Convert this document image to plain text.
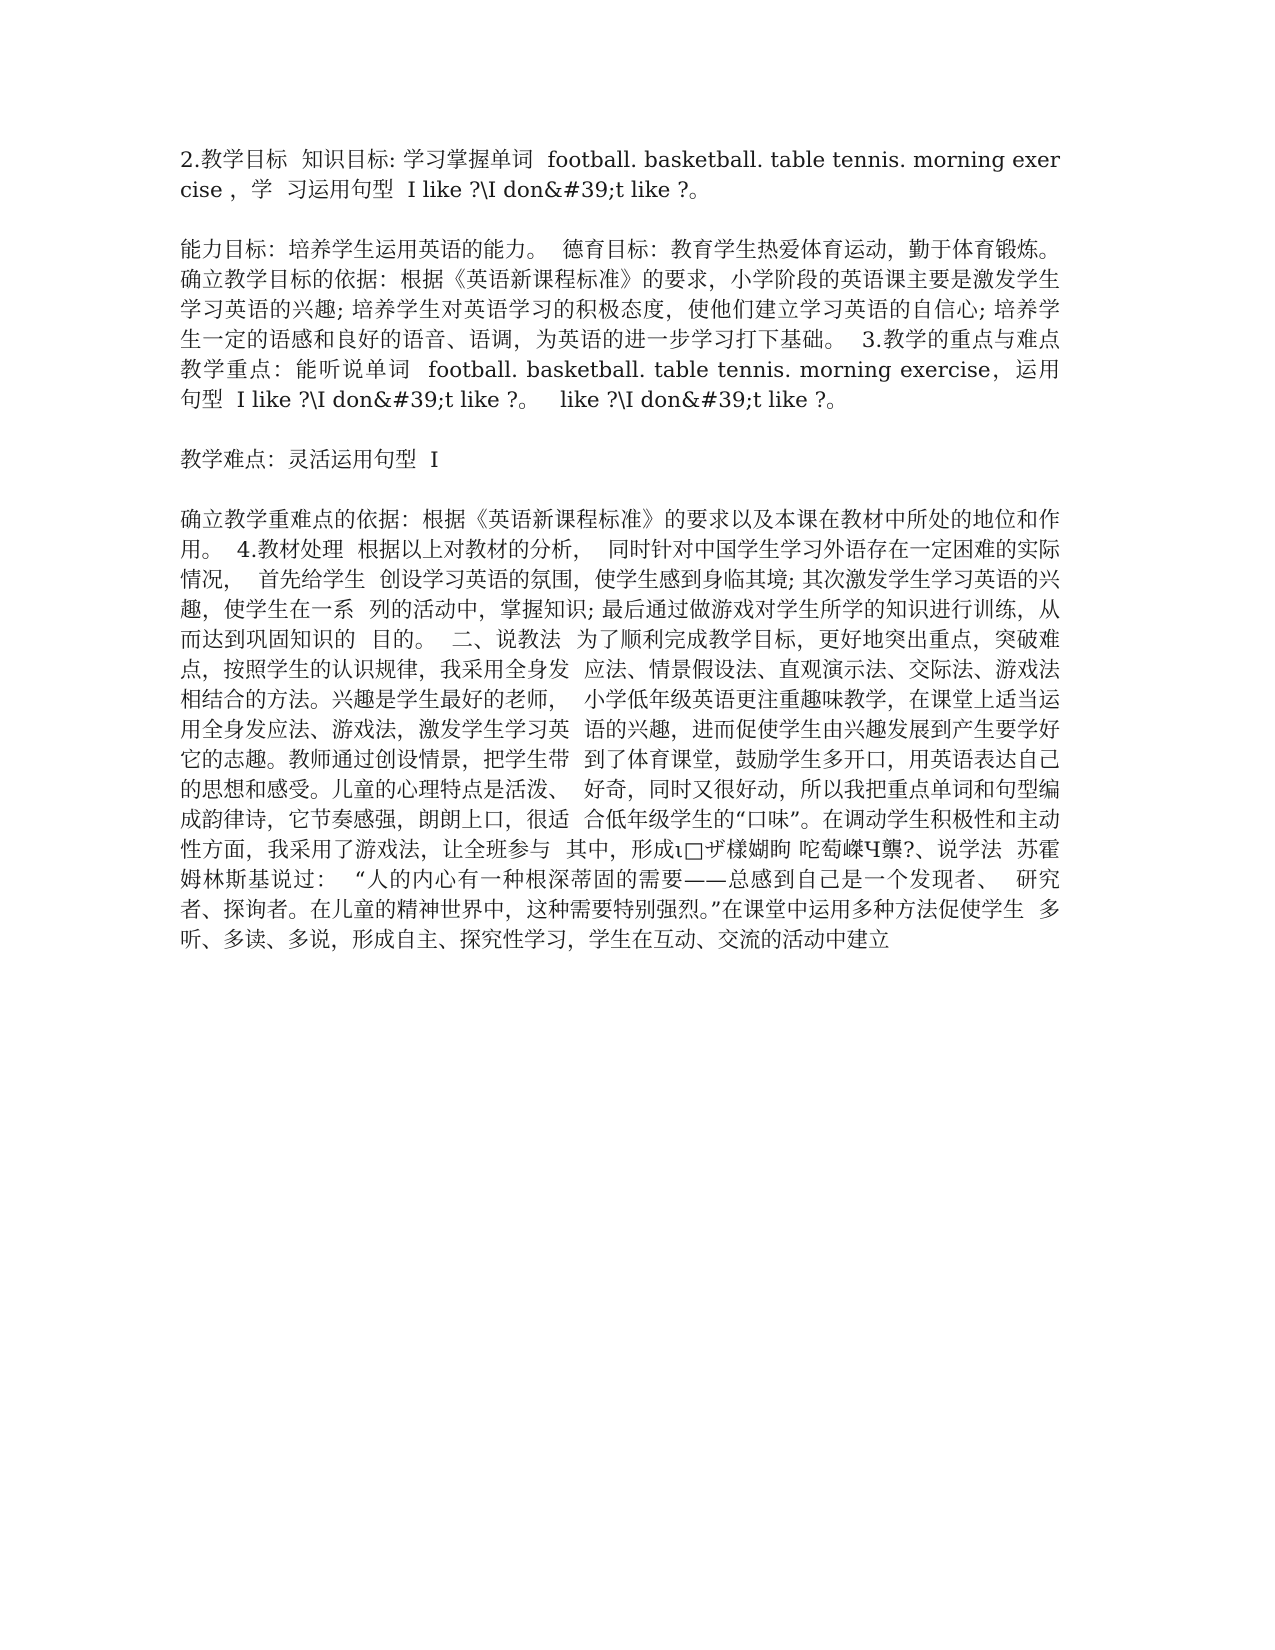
2.教学目标  知识目标: 学习掌握单词  football. basketball. table tennis. morning exercise ，学  习运用句型  I like ?\I don&#39;t like ?。

能力目标：培养学生运用英语的能力。  德育目标：教育学生热爱体育运动，勤于体育锻炼。  确立教学目标的依据：根据《英语新课程标准》的要求，小学阶段的英语课主要是激发学生  学习英语的兴趣; 培养学生对英语学习的积极态度，使他们建立学习英语的自信心; 培养学  生一定的语感和良好的语音、语调，为英语的进一步学习打下基础。  3.教学的重点与难点  教学重点：能听说单词  football. basketball. table tennis. morning exercise，运用  句型  I like ?\I don&#39;t like ?。   like ?\I don&#39;t like ?。

教学难点：灵活运用句型  I

确立教学重难点的依据：根据《英语新课程标准》的要求以及本课在教材中所处的地位和作  用。  4.教材处理  根据以上对教材的分析，  同时针对中国学生学习外语存在一定困难的实际情况，  首先给学生  创设学习英语的氛围，使学生感到身临其境; 其次激发学生学习英语的兴趣，使学生在一系  列的活动中，掌握知识; 最后通过做游戏对学生所学的知识进行训练，从而达到巩固知识的  目的。  二、说教法  为了顺利完成教学目标，更好地突出重点，突破难点，按照学生的认识规律，我采用全身发  应法、情景假设法、直观演示法、交际法、游戏法相结合的方法。兴趣是学生最好的老师，  小学低年级英语更注重趣味教学，在课堂上适当运用全身发应法、游戏法，激发学生学习英  语的兴趣，进而促使学生由兴趣发展到产生要学好它的志趣。教师通过创设情景，把学生带  到了体育课堂，鼓励学生多开口，用英语表达自己的思想和感受。儿童的心理特点是活泼、  好奇，同时又很好动，所以我把重点单词和句型编成韵律诗，它节奏感强，朗朗上口，很适  合低年级学生的“口味”。在调动学生积极性和主动性方面，我采用了游戏法，让全班参与  其中，形成ι□ザ樣媩眗 咜萄嵥Ч龒?、说学法  苏霍姆林斯基说过：  “人的内心有一种根深蒂固的需要——总感到自己是一个发现者、  研究  者、探询者。在儿童的精神世界中，这种需要特别强烈。”在课堂中运用多种方法促使学生  多听、多读、多说，形成自主、探究性学习，学生在互动、交流的活动中建立
